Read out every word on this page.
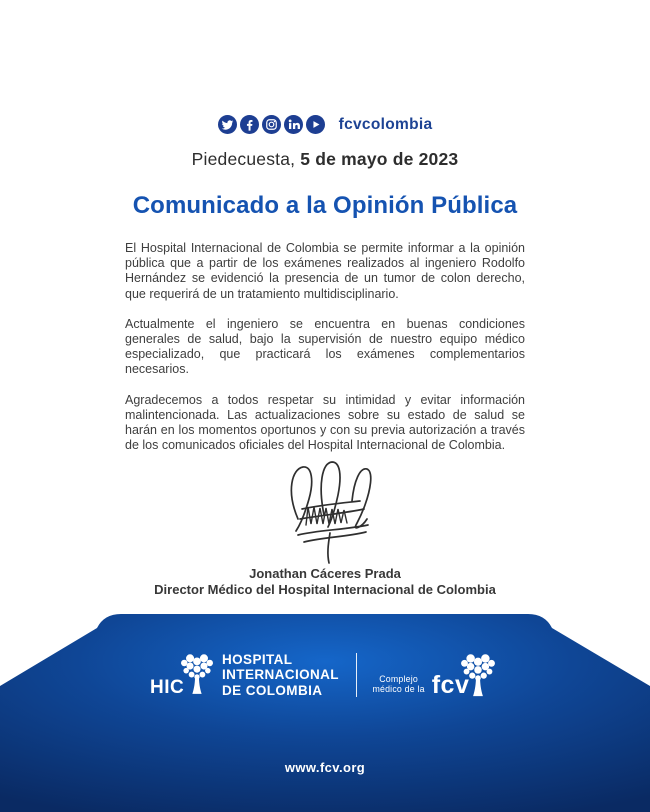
fcvcolombia
Piedecuesta, 5 de mayo de 2023
Comunicado a la Opinión Pública

El Hospital Internacional de Colombia se permite informar a la opinión pública que a partir de los exámenes realizados al ingeniero Rodolfo Hernández se evidenció la presencia de un tumor de colon derecho, que requerirá de un tratamiento multidisciplinario.

Actualmente el ingeniero se encuentra en buenas condiciones generales de salud, bajo la supervisión de nuestro equipo médico especializado, que practicará los exámenes complementarios necesarios.

Agradecemos a todos respetar su intimidad y evitar información malintencionada. Las actualizaciones sobre su estado de salud se harán en los momentos oportunos y con su previa autorización a través de los comunicados oficiales del Hospital Internacional de Colombia.

Jonathan Cáceres Prada
Director Médico del Hospital Internacional de Colombia
HIC
HOSPITAL
INTERNACIONAL
DE COLOMBIA
Complejo
médico de la fcv
www.fcv.org
